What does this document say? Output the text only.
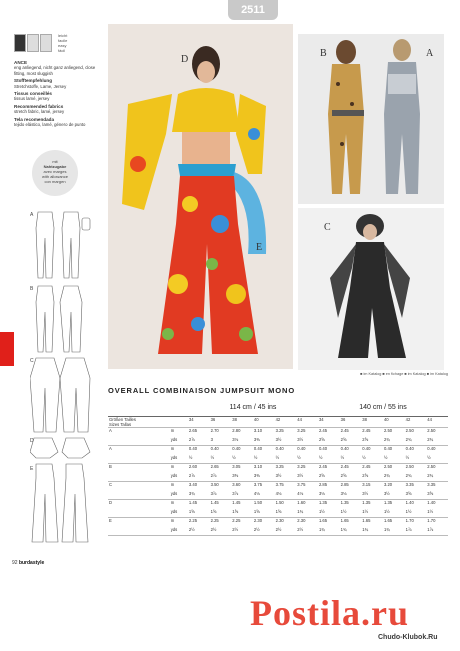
2511
leicht
facile
easy
fácil
ANCE
eng anliegend, nicht ganz anliegend, close fitting, most sluggish
Stofftempfehlung
Stretchstoffe, Lame, Jersey
Tissus conseillés
tissus lamé, jersey
Recommended fabrics
stretch fabric, lamé, jersey
Tela recomendada
tejido elástico, lamé, género de punto
mit
Nahtzugabe
avec marges
with allowance
con margen
A
B
C
D
E
D
E
B	A
C
■ im Katalog ■ en fichage ■ im Katalog ■ im Katalog
OVERALL COMBINAISON JUMPSUIT MONO
		114 cm / 45 ins						140 cm / 55 ins					
Größen Tailles
Sizes Tallas		34	36	38	40	42	44	34	36	38	40	42	44
A	m	2.65	2.70	2.80	3.10	3.25	3.25	2.45	2.45	2.45	2.50	2.50	2.50
	yds	2⅞	3	3⅛	3⅜	3½	3½	2⅝	2⅝	2⅝	2¾	2¾	2¾
A	m	0.40	0.40	0.40	0.40	0.40	0.40	0.40	0.40	0.40	0.40	0.40	0.40
	yds	½	½	½	½	½	½	½	½	½	½	½	½
B	m	2.60	2.65	3.05	3.10	3.25	3.25	2.45	2.45	2.45	2.50	2.50	2.50
	yds	2⅞	2⅞	3⅜	3⅜	3½	3½	2⅝	2⅝	2⅝	2¾	2¾	2¾
C	m	3.40	3.50	3.60	3.75	3.75	3.75	2.85	2.85	3.15	3.20	3.35	3.35
	yds	3¾	3⅞	3⅞	4⅛	4⅛	4⅛	3⅛	3⅛	3½	3½	3⅝	3⅝
D	m	1.45	1.45	1.45	1.50	1.50	1.60	1.35	1.35	1.35	1.35	1.40	1.40
	yds	1⅝	1⅝	1⅝	1⅝	1⅝	1¾	1½	1½	1½	1½	1½	1½
E	m	2.25	2.25	2.25	2.30	2.30	2.30	1.65	1.65	1.65	1.65	1.70	1.70
	yds	2½	2½	2½	2½	2½	2½	1¾	1¾	1¾	1¾	1⅞	1⅞
92 burdastyle
Postila.ru
Chudo-Klubok.Ru
